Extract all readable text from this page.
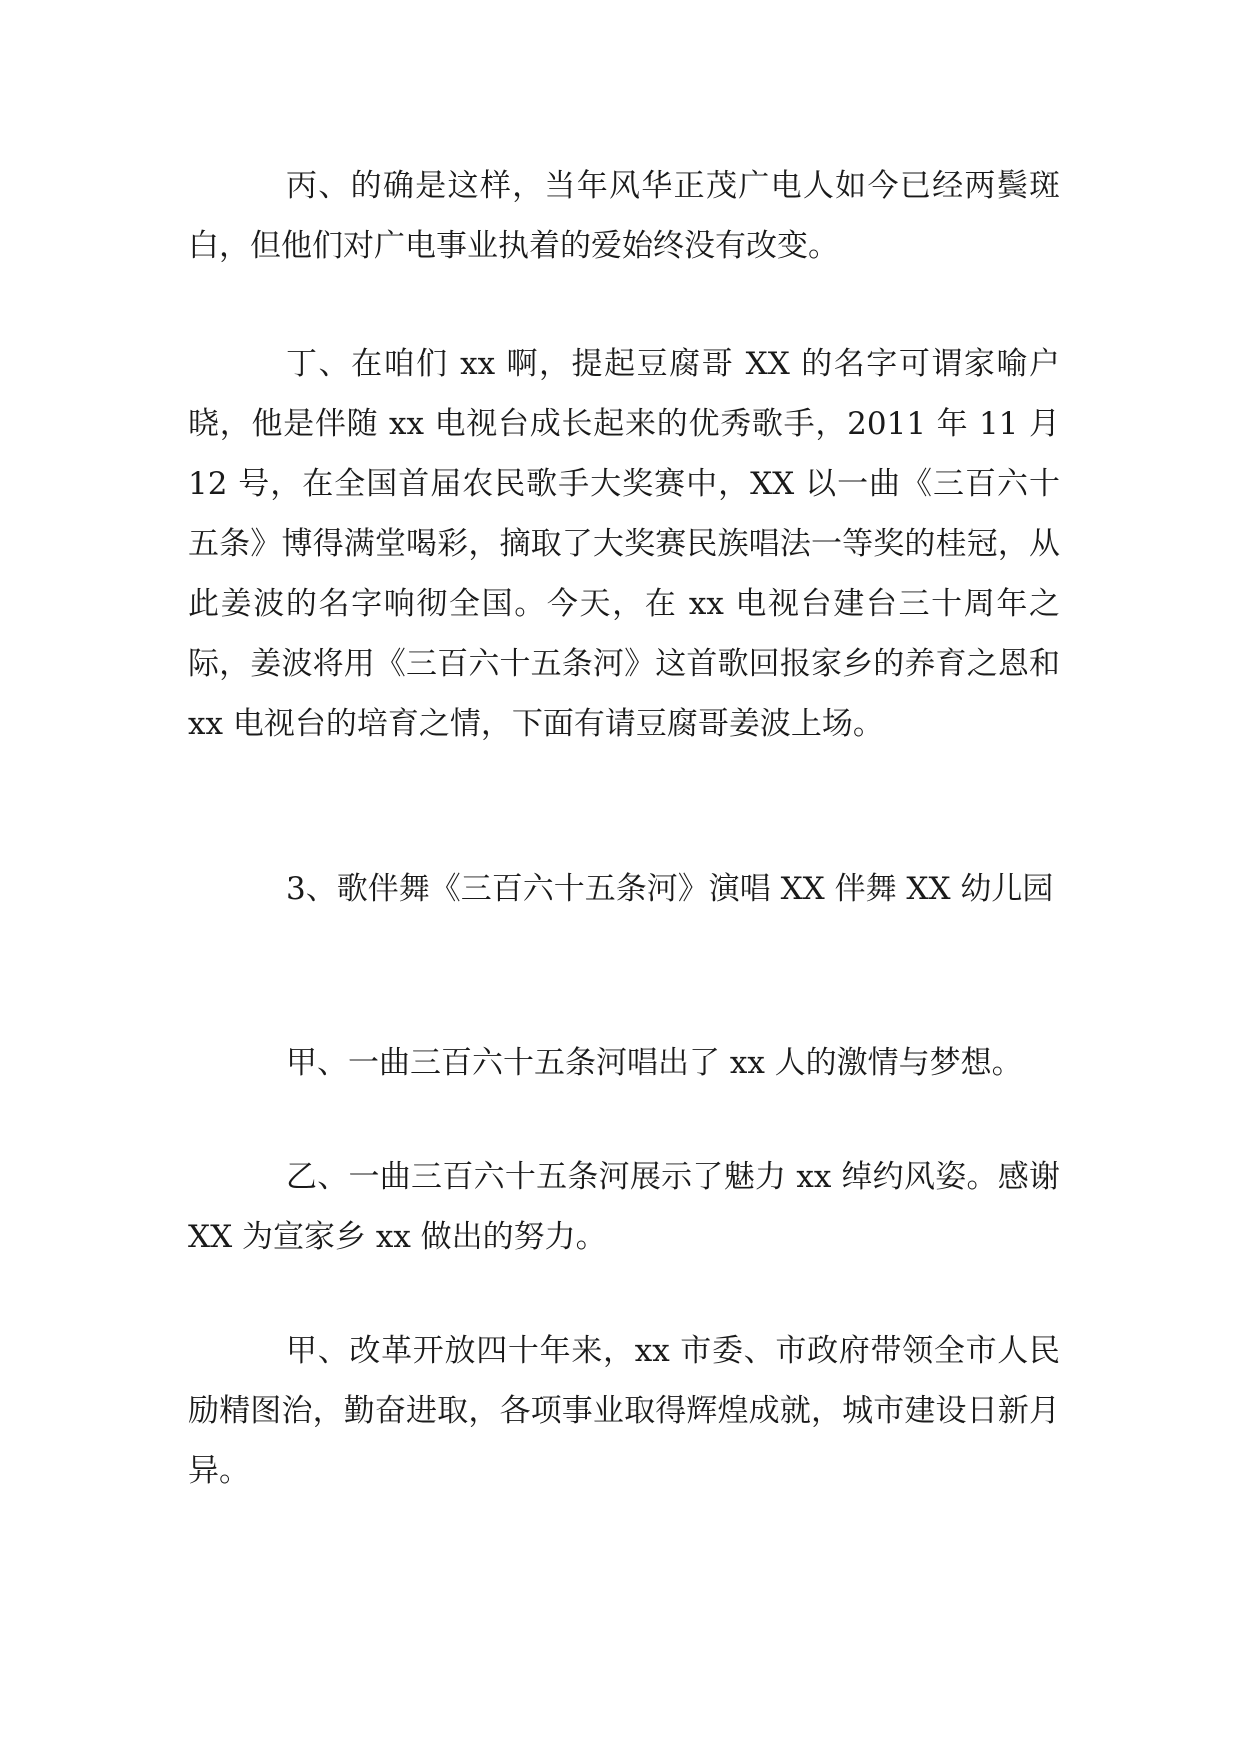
丙、的确是这样，当年风华正茂广电人如今已经两鬓斑白，但他们对广电事业执着的爱始终没有改变。

丁、在咱们 xx 啊，提起豆腐哥 XX 的名字可谓家喻户晓，他是伴随 xx 电视台成长起来的优秀歌手，2011 年 11 月 12 号，在全国首届农民歌手大奖赛中，XX 以一曲《三百六十五条》博得满堂喝彩，摘取了大奖赛民族唱法一等奖的桂冠，从此姜波的名字响彻全国。今天，在 xx 电视台建台三十周年之际，姜波将用《三百六十五条河》这首歌回报家乡的养育之恩和 xx 电视台的培育之情，下面有请豆腐哥姜波上场。

3、歌伴舞《三百六十五条河》演唱 XX 伴舞 XX 幼儿园

甲、一曲三百六十五条河唱出了 xx 人的激情与梦想。

乙、一曲三百六十五条河展示了魅力 xx 绰约风姿。感谢 XX 为宣家乡 xx 做出的努力。

甲、改革开放四十年来，xx 市委、市政府带领全市人民励精图治，勤奋进取，各项事业取得辉煌成就，城市建设日新月异。
